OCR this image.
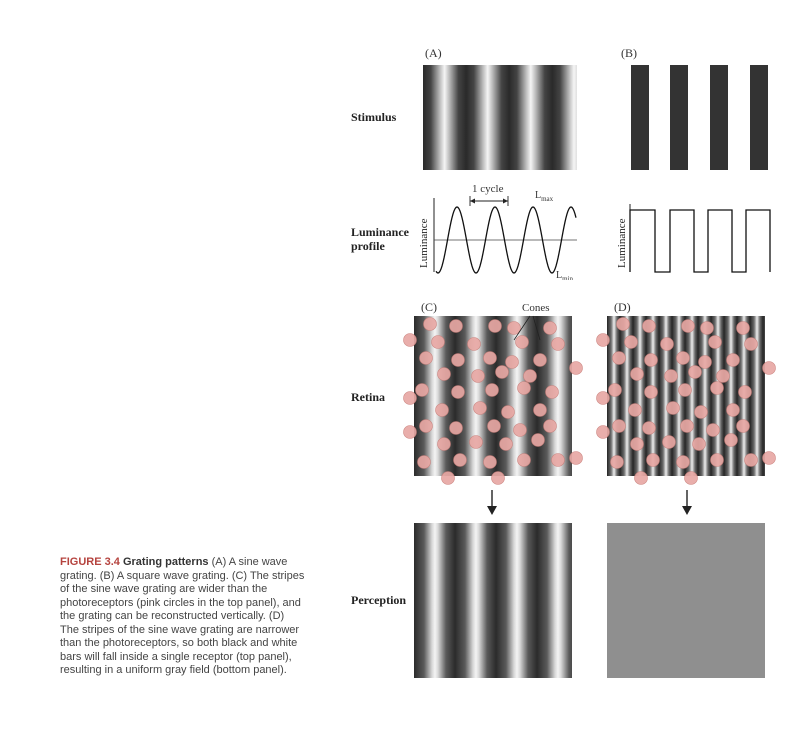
(A)	(B)
Stimulus
Luminance
profile	Luminance	Luminance
1 cycle
$L_{max}$
$L_{min}$
(C)	(D)
Cones
Retina
Perception
FIGURE 3.4 Grating patterns (A) A sine wave grating. (B) A square wave grating. (C) The stripes of the sine wave grating are wider than the photoreceptors (pink circles in the top panel), and the grating can be reconstructed vertically. (D) The stripes of the sine wave grating are narrower than the photoreceptors, so both black and white bars will fall inside a single receptor (top panel), resulting in a uniform gray field (bottom panel).
